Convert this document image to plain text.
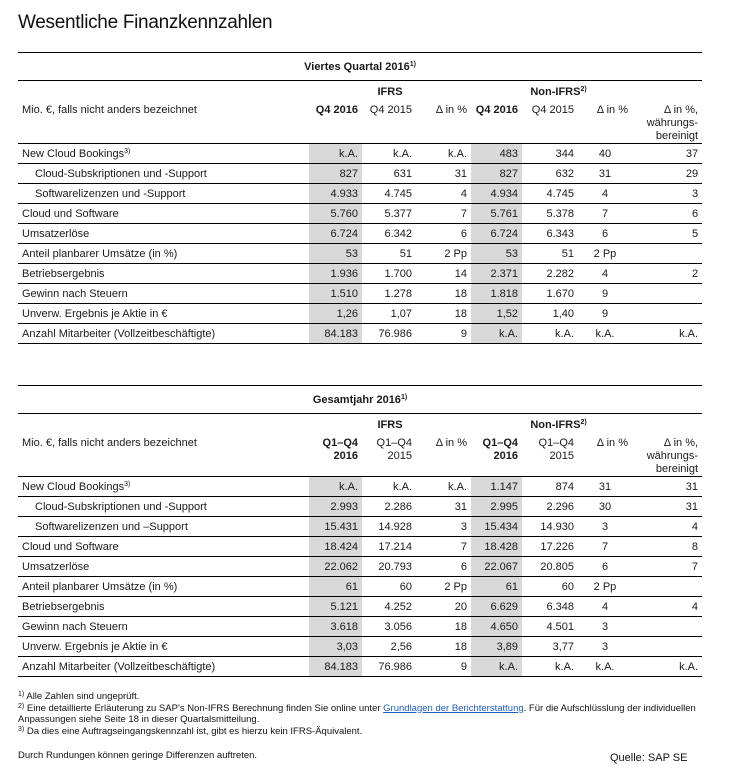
Wesentliche Finanzkennzahlen
Viertes Quartal 2016$^{1)}$
	IFRS			Non-IFRS$^{2)}$
Mio. €, falls nicht anders bezeichnet	Q4 2016	Q4 2015	Δ in %	Q4 2016	Q4 2015	Δ in %	Δ in %,
währungs-
bereinigt

New Cloud Bookings$^{3)}$	k.A.	k.A.	k.A.	483	344	40	37
Cloud-Subskriptionen und -Support	827	631	31	827	632	31	29
Softwarelizenzen und -Support	4.933	4.745	4	4.934	4.745	4	3
Cloud und Software	5.760	5.377	7	5.761	5.378	7	6
Umsatzerlöse	6.724	6.342	6	6.724	6.343	6	5
Anteil planbarer Umsätze (in %)	53	51	2 Pp	53	51	2 Pp	
Betriebsergebnis	1.936	1.700	14	2.371	2.282	4	2
Gewinn nach Steuern	1.510	1.278	18	1.818	1.670	9	
Unverw. Ergebnis je Aktie in €	1,26	1,07	18	1,52	1,40	9	
Anzahl Mitarbeiter (Vollzeitbeschäftigte)	84.183	76.986	9	k.A.	k.A.	k.A.	k.A.
Gesamtjahr 2016$^{1)}$
	IFRS			Non-IFRS$^{2)}$
Mio. €, falls nicht anders bezeichnet	Q1–Q4
2016

Q1–Q4
2015

Δ in %	Q1–Q4
2016

Q1–Q4
2015

Δ in %	Δ in %,
währungs-
bereinigt

New Cloud Bookings$^{3)}$	k.A.	k.A.	k.A.	1.147	874	31	31
Cloud-Subskriptionen und -Support	2.993	2.286	31	2.995	2.296	30	31
Softwarelizenzen und –Support	15.431	14.928	3	15.434	14.930	3	4
Cloud und Software	18.424	17.214	7	18.428	17.226	7	8
Umsatzerlöse	22.062	20.793	6	22.067	20.805	6	7
Anteil planbarer Umsätze (in %)	61	60	2 Pp	61	60	2 Pp	
Betriebsergebnis	5.121	4.252	20	6.629	6.348	4	4
Gewinn nach Steuern	3.618	3.056	18	4.650	4.501	3	
Unverw. Ergebnis je Aktie in €	3,03	2,56	18	3,89	3,77	3	
Anzahl Mitarbeiter (Vollzeitbeschäftigte)	84.183	76.986	9	k.A.	k.A.	k.A.	k.A.
$^{1)}$ Alle Zahlen sind ungeprüft.
$^{2)}$ Eine detaillierte Erläuterung zu SAP’s Non-IFRS Berechnung finden Sie online unter Grundlagen der Berichterstattung. Für die Aufschlüsslung der individuellen Anpassungen siehe Seite 18 in dieser Quartalsmitteilung.
$^{3)}$ Da dies eine Auftragseingangskennzahl ist, gibt es hierzu kein IFRS-Äquivalent.
Durch Rundungen können geringe Differenzen auftreten.	Quelle: SAP SE
